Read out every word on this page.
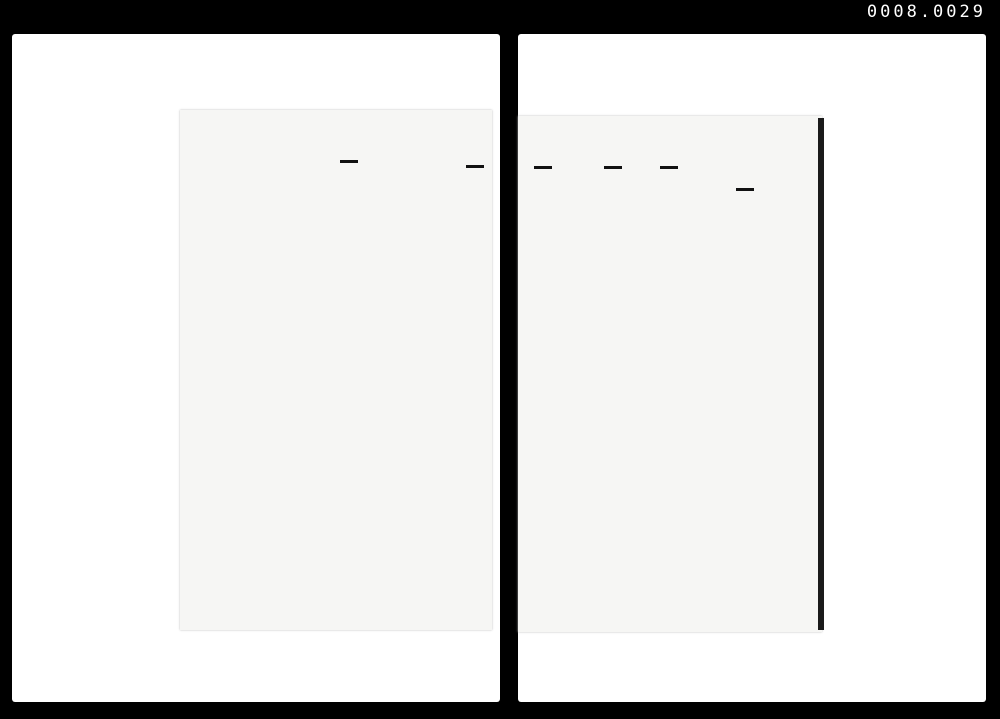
0008.0029
